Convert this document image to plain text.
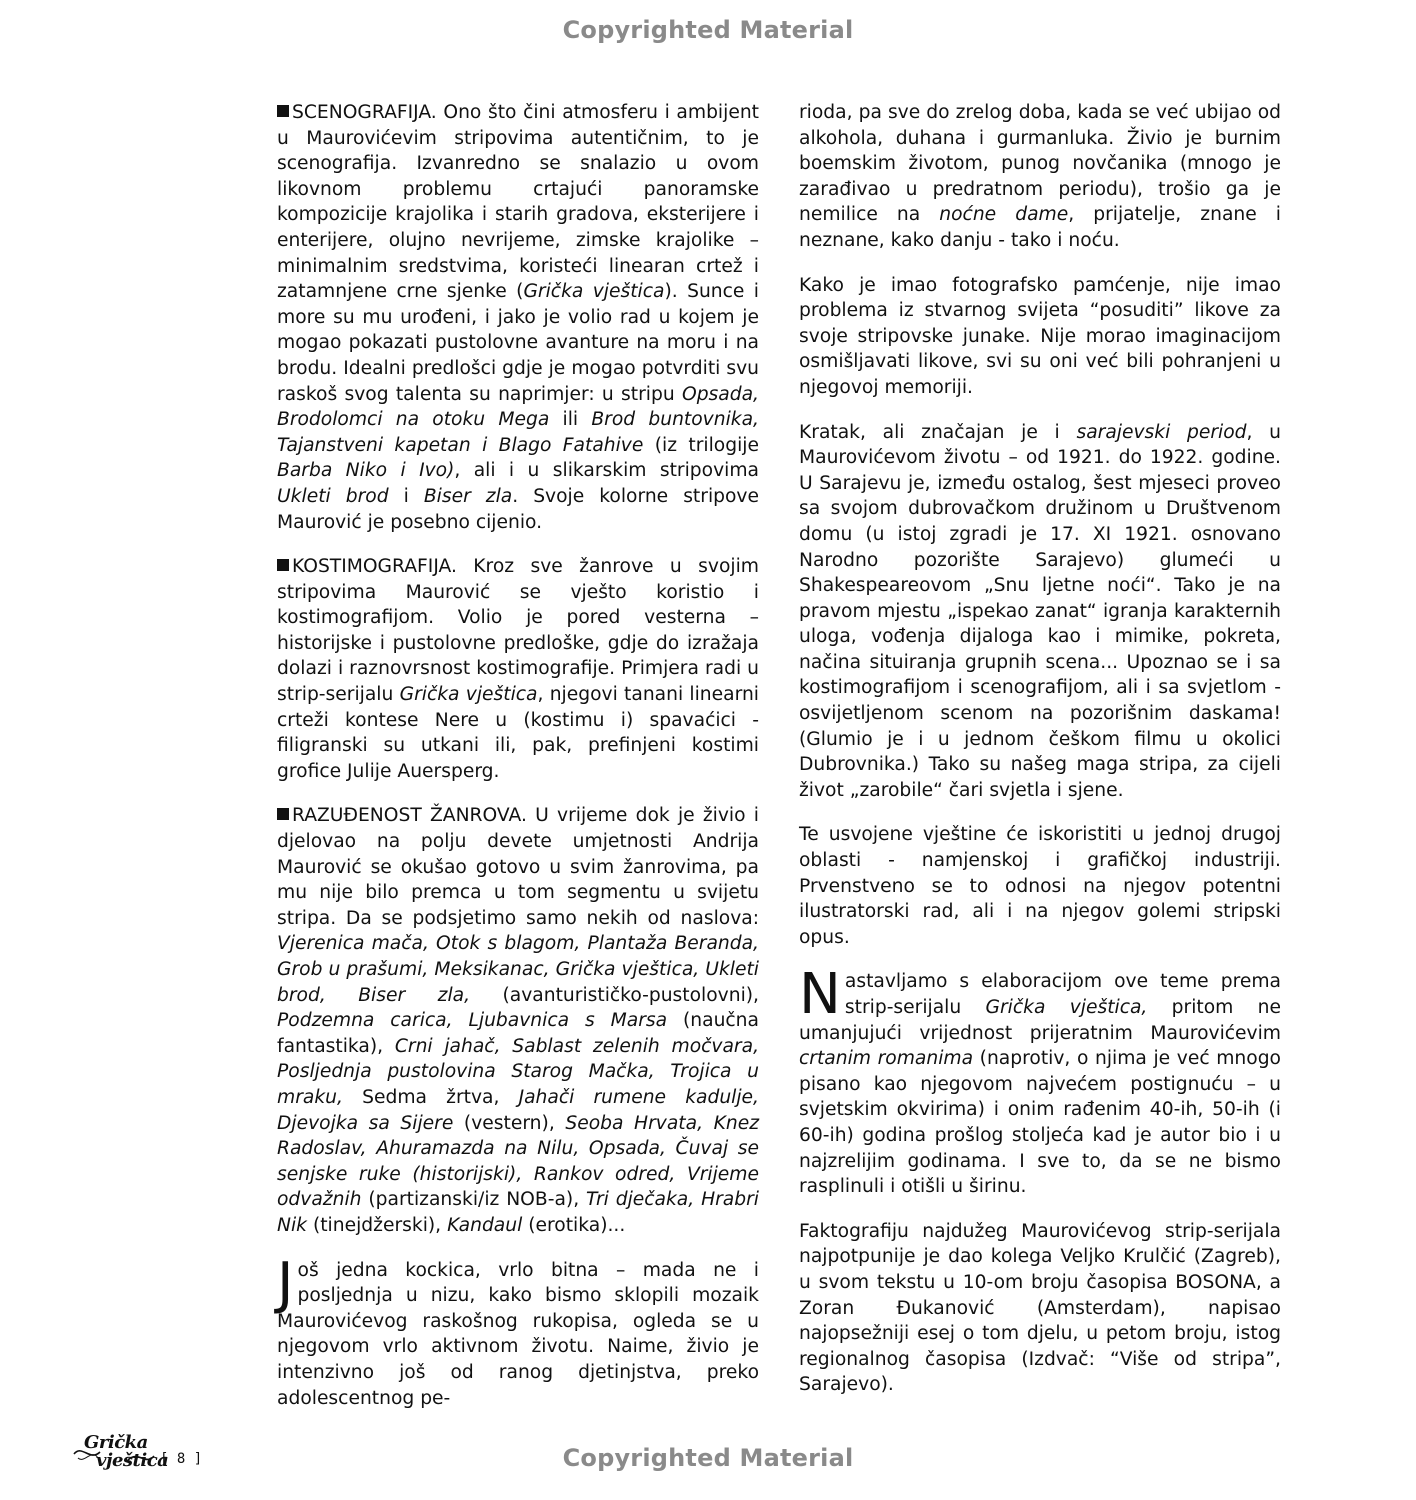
Copyrighted Material

SCENOGRAFIJA. Ono što čini atmosferu i ambijent u Maurovićevim stripovima autentičnim, to je scenografija. Izvanredno se snalazio u ovom likovnom problemu crtajući panoramske kompozicije krajolika i starih gradova, eksterijere i enterijere, olujno nevrijeme, zimske krajolike – minimalnim sredstvima, koristeći linearan crtež i zatamnjene crne sjenke (Grička vještica). Sunce i more su mu urođeni, i jako je volio rad u kojem je mogao pokazati pustolovne avanture na moru i na brodu. Idealni predlošci gdje je mogao potvrditi svu raskoš svog talenta su naprimjer: u stripu Opsada, Brodolomci na otoku Mega ili Brod buntovnika, Tajanstveni kapetan i Blago Fatahive (iz trilogije Barba Niko i Ivo), ali i u slikarskim stripovima Ukleti brod i Biser zla. Svoje kolorne stripove Maurović je posebno cijenio.

KOSTIMOGRAFIJA. Kroz sve žanrove u svojim stripovima Maurović se vješto koristio i kostimografijom. Volio je pored vesterna – historijske i pustolovne predloške, gdje do izražaja dolazi i raznovrsnost kostimografije. Primjera radi u strip-serijalu Grička vještica, njegovi tanani linearni crteži kontese Nere u (kostimu i) spavaćici - filigranski su utkani ili, pak, prefinjeni kostimi grofice Julije Auersperg.

RAZUĐENOST ŽANROVA. U vrijeme dok je živio i djelovao na polju devete umjetnosti Andrija Maurović se okušao gotovo u svim žanrovima, pa mu nije bilo premca u tom segmentu u svijetu stripa. Da se podsjetimo samo nekih od naslova: Vjerenica mača, Otok s blagom, Plantaža Beranda, Grob u prašumi, Meksikanac, Grička vještica, Ukleti brod, Biser zla, (avanturističko-pustolovni), Podzemna carica, Ljubavnica s Marsa (naučna fantastika), Crni jahač, Sablast zelenih močvara, Posljednja pustolovina Starog Mačka, Trojica u mraku, Sedma žrtva, Jahači rumene kadulje, Djevojka sa Sijere (vestern), Seoba Hrvata, Knez Radoslav, Ahuramazda na Nilu, Opsada, Čuvaj se senjske ruke (historijski), Rankov odred, Vrijeme odvažnih (partizanski/iz NOB-a), Tri dječaka, Hrabri Nik (tinejdžerski), Kandaul (erotika)...

Još jedna kockica, vrlo bitna – mada ne i posljednja u nizu, kako bismo sklopili mozaik Maurovićevog raskošnog rukopisa, ogleda se u njegovom vrlo aktivnom životu. Naime, živio je intenzivno još od ranog djetinjstva, preko adolescentnog pe-

rioda, pa sve do zrelog doba, kada se već ubijao od alkohola, duhana i gurmanluka. Živio je burnim boemskim životom, punog novčanika (mnogo je zarađivao u predratnom periodu), trošio ga je nemilice na noćne dame, prijatelje, znane i neznane, kako danju - tako i noću.

Kako je imao fotografsko pamćenje, nije imao problema iz stvarnog svijeta “posuditi” likove za svoje stripovske junake. Nije morao imaginacijom osmišljavati likove, svi su oni već bili pohranjeni u njegovoj memoriji.

Kratak, ali značajan je i sarajevski period, u Maurovićevom životu – od 1921. do 1922. godine. U Sarajevu je, između ostalog, šest mjeseci proveo sa svojom dubrovačkom družinom u Društvenom domu (u istoj zgradi je 17. XI 1921. osnovano Narodno pozorište Sarajevo) glumeći u Shakespeareovom „Snu ljetne noći“. Tako je na pravom mjestu „ispekao zanat“ igranja karakternih uloga, vođenja dijaloga kao i mimike, pokreta, načina situiranja grupnih scena... Upoznao se i sa kostimografijom i scenografijom, ali i sa svjetlom - osvijetljenom scenom na pozorišnim daskama! (Glumio je i u jednom češkom filmu u okolici Dubrovnika.) Tako su našeg maga stripa, za cijeli život „zarobile“ čari svjetla i sjene.

Te usvojene vještine će iskoristiti u jednoj drugoj oblasti - namjenskoj i grafičkoj industriji. Prvenstveno se to odnosi na njegov potentni ilustratorski rad, ali i na njegov golemi stripski opus.

Nastavljamo s elaboracijom ove teme prema strip-serijalu Grička vještica, pritom ne umanjujući vrijednost prijeratnim Maurovićevim crtanim romanima (naprotiv, o njima je već mnogo pisano kao njegovom najvećem postignuću – u svjetskim okvirima) i onim rađenim 40-ih, 50-ih (i 60-ih) godina prošlog stoljeća kad je autor bio i u najzrelijim godinama. I sve to, da se ne bismo rasplinuli i otišli u širinu.

Faktografiju najdužeg Maurovićevog strip-serijala najpotpunije je dao kolega Veljko Krulčić (Zagreb), u svom tekstu u 10-om broju časopisa BOSONA, a Zoran Đukanović (Amsterdam), napisao najopsežniji esej o tom djelu, u petom broju, istog regionalnog časopisa (Izdvač: “Više od stripa”, Sarajevo).

Grička
vještica
[ 8 ]	Copyrighted Material
